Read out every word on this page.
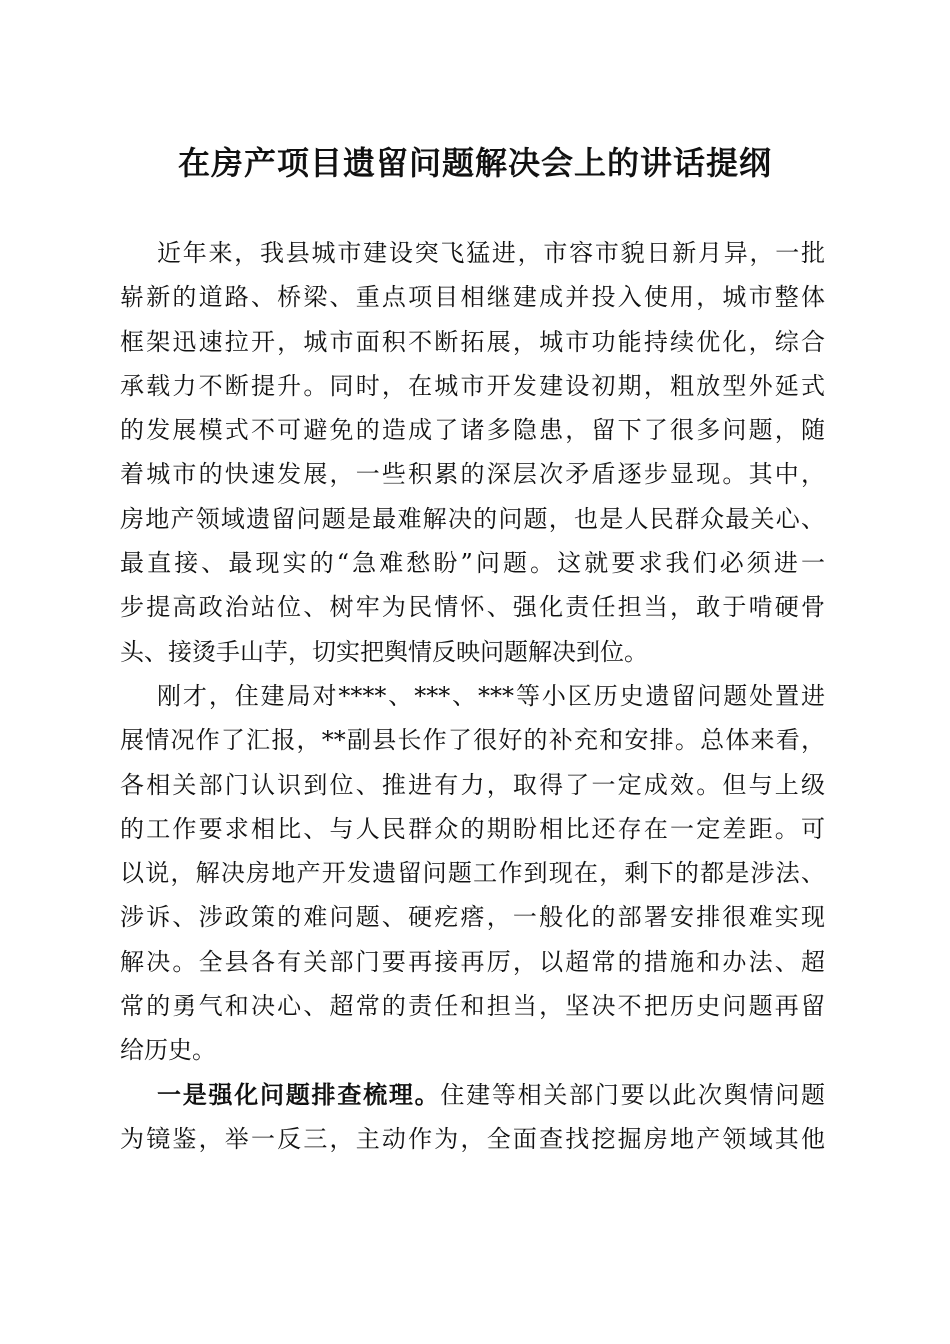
在房产项目遗留问题解决会上的讲话提纲
近年来，我县城市建设突飞猛进，市容市貌日新月异，一批
崭新的道路、桥梁、重点项目相继建成并投入使用，城市整体
框架迅速拉开，城市面积不断拓展，城市功能持续优化，综合
承载力不断提升。同时，在城市开发建设初期，粗放型外延式
的发展模式不可避免的造成了诸多隐患，留下了很多问题，随
着城市的快速发展，一些积累的深层次矛盾逐步显现。其中，
房地产领域遗留问题是最难解决的问题，也是人民群众最关心、
最直接、最现实的“急难愁盼”问题。这就要求我们必须进一
步提高政治站位、树牢为民情怀、强化责任担当，敢于啃硬骨
头、接烫手山芋，切实把舆情反映问题解决到位。
刚才，住建局对****、***、***等小区历史遗留问题处置进
展情况作了汇报，**副县长作了很好的补充和安排。总体来看，
各相关部门认识到位、推进有力，取得了一定成效。但与上级
的工作要求相比、与人民群众的期盼相比还存在一定差距。可
以说，解决房地产开发遗留问题工作到现在，剩下的都是涉法、
涉诉、涉政策的难问题、硬疙瘩，一般化的部署安排很难实现
解决。全县各有关部门要再接再厉，以超常的措施和办法、超
常的勇气和决心、超常的责任和担当，坚决不把历史问题再留
给历史。
一是强化问题排查梳理。住建等相关部门要以此次舆情问题
为镜鉴，举一反三，主动作为，全面查找挖掘房地产领域其他
